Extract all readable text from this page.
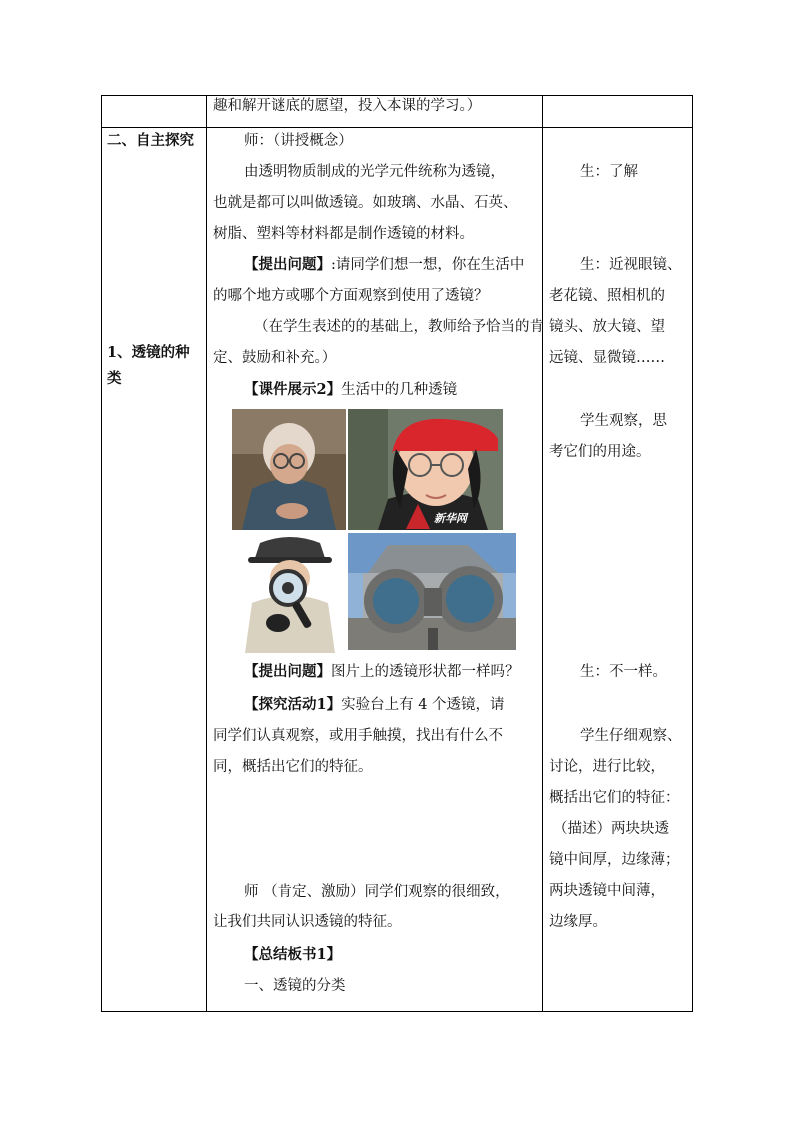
趣和解开谜底的愿望，投入本课的学习。）
二、自主探究
1、透镜的种
类
师：（讲授概念）
由透明物质制成的光学元件统称为透镜，
也就是都可以叫做透镜。如玻璃、水晶、石英、
树脂、塑料等材料都是制作透镜的材料。
【提出问题】:请同学们想一想，你在生活中
的哪个地方或哪个方面观察到使用了透镜？
（在学生表述的的基础上，教师给予恰当的肯
定、鼓励和补充。）
【课件展示2】生活中的几种透镜
新华网
【提出问题】图片上的透镜形状都一样吗？
【探究活动1】实验台上有 4 个透镜，请
同学们认真观察，或用手触摸，找出有什么不
同，概括出它们的特征。
师 （肯定、激励）同学们观察的很细致，
让我们共同认识透镜的特征。
【总结板书1】
一、透镜的分类
生：了解
生：近视眼镜、
老花镜、照相机的
镜头、放大镜、望
远镜、显微镜……
学生观察，思
考它们的用途。
生：不一样。
学生仔细观察、
讨论，进行比较，
概括出它们的特征：
（描述）两块块透
镜中间厚，边缘薄；
两块透镜中间薄，
边缘厚。
